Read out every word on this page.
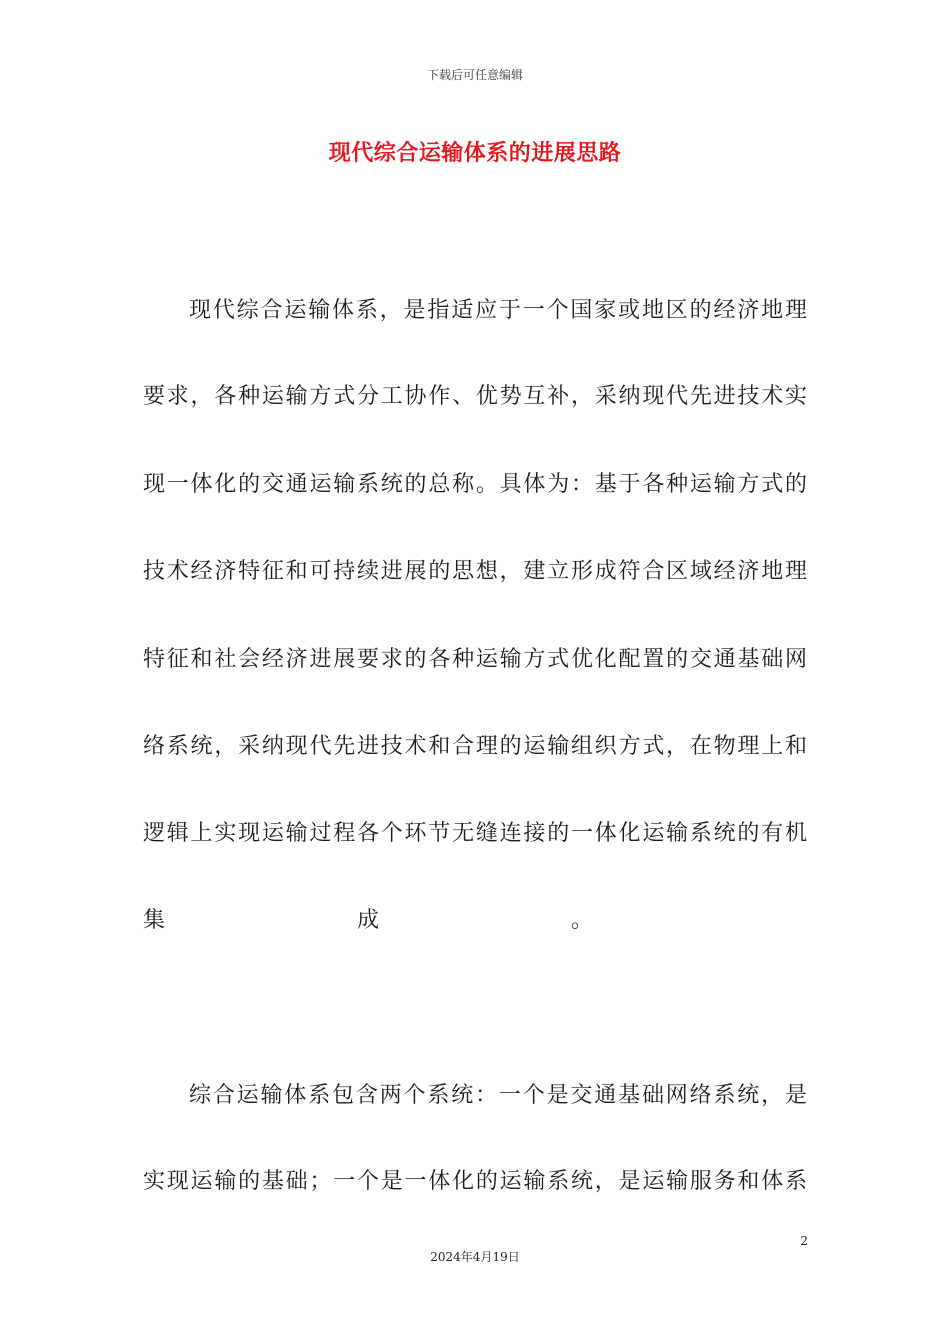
下载后可任意编辑
现代综合运输体系的进展思路
现代综合运输体系，是指适应于一个国家或地区的经济地理
要求，各种运输方式分工协作、优势互补，采纳现代先进技术实
现一体化的交通运输系统的总称。具体为：基于各种运输方式的
技术经济特征和可持续进展的思想，建立形成符合区域经济地理
特征和社会经济进展要求的各种运输方式优化配置的交通基础网
络系统，采纳现代先进技术和合理的运输组织方式，在物理上和
逻辑上实现运输过程各个环节无缝连接的一体化运输系统的有机
集	成	。
综合运输体系包含两个系统：一个是交通基础网络系统，是
实现运输的基础；一个是一体化的运输系统，是运输服务和体系
2
2024年4月19日
